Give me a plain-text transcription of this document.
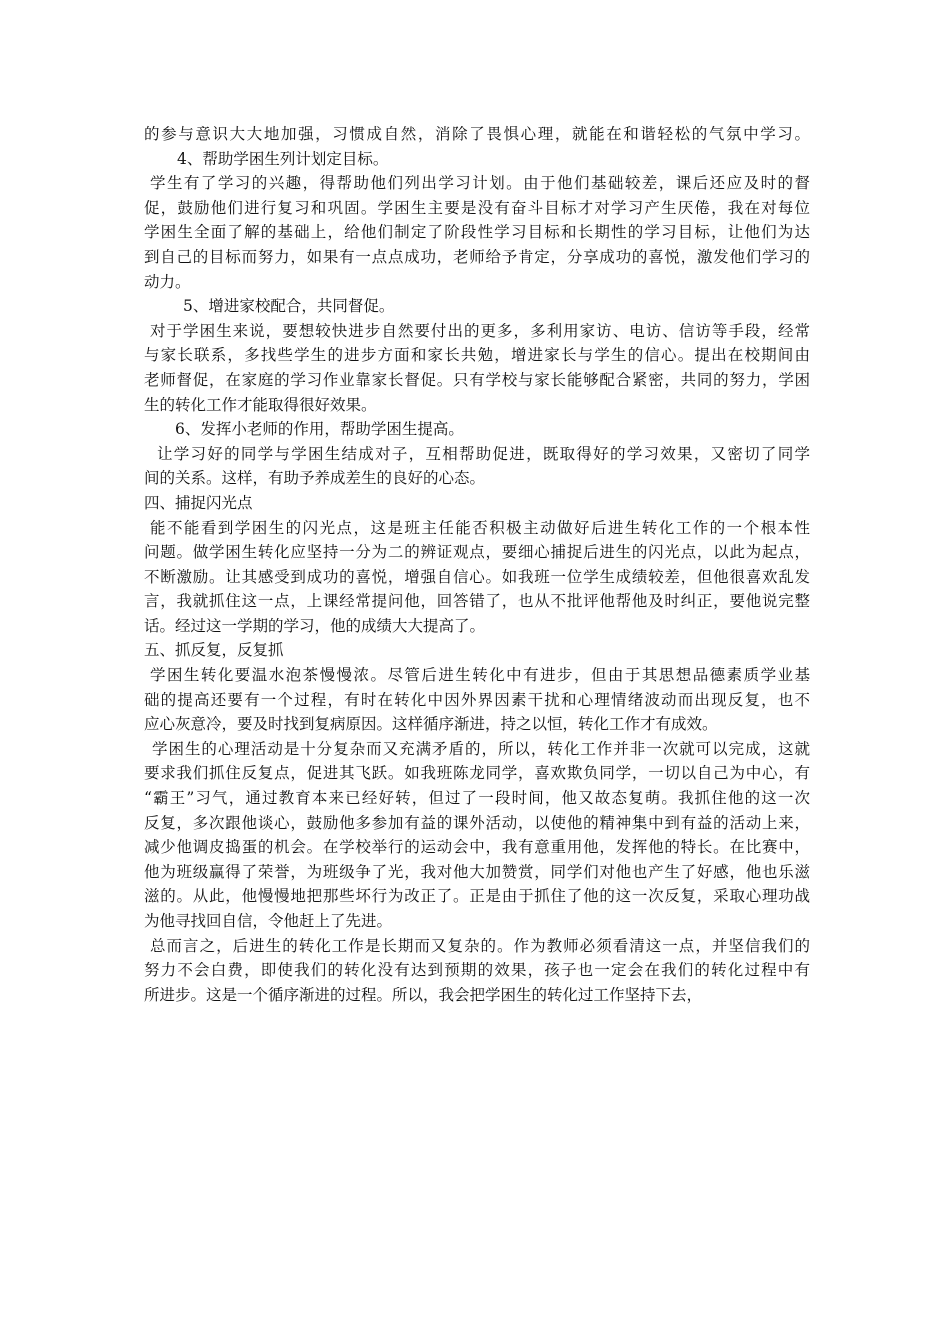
的参与意识大大地加强，习惯成自然，消除了畏惧心理，就能在和谐轻松的气氛中学习。
4、帮助学困生列计划定目标。
学生有了学习的兴趣，得帮助他们列出学习计划。由于他们基础较差，课后还应及时的督
促，鼓励他们进行复习和巩固。学困生主要是没有奋斗目标才对学习产生厌倦，我在对每位
学困生全面了解的基础上，给他们制定了阶段性学习目标和长期性的学习目标，让他们为达
到自己的目标而努力，如果有一点点成功，老师给予肯定，分享成功的喜悦，激发他们学习的
动力。
5、增进家校配合，共同督促。
对于学困生来说，要想较快进步自然要付出的更多，多利用家访、电访、信访等手段，经常
与家长联系，多找些学生的进步方面和家长共勉，增进家长与学生的信心。提出在校期间由
老师督促，在家庭的学习作业靠家长督促。只有学校与家长能够配合紧密，共同的努力，学困
生的转化工作才能取得很好效果。
6、发挥小老师的作用，帮助学困生提高。
让学习好的同学与学困生结成对子，互相帮助促进，既取得好的学习效果，又密切了同学
间的关系。这样，有助予养成差生的良好的心态。
四、捕捉闪光点
能不能看到学困生的闪光点，这是班主任能否积极主动做好后进生转化工作的一个根本性
问题。做学困生转化应坚持一分为二的辨证观点，要细心捕捉后进生的闪光点，以此为起点，
不断激励。让其感受到成功的喜悦，增强自信心。如我班一位学生成绩较差，但他很喜欢乱发
言，我就抓住这一点，上课经常提问他，回答错了，也从不批评他帮他及时纠正，要他说完整
话。经过这一学期的学习，他的成绩大大提高了。
五、抓反复，反复抓
学困生转化要温水泡茶慢慢浓。尽管后进生转化中有进步，但由于其思想品德素质学业基
础的提高还要有一个过程，有时在转化中因外界因素干扰和心理情绪波动而出现反复，也不
应心灰意冷，要及时找到复病原因。这样循序渐进，持之以恒，转化工作才有成效。
学困生的心理活动是十分复杂而又充满矛盾的，所以，转化工作并非一次就可以完成，这就
要求我们抓住反复点，促进其飞跃。如我班陈龙同学，喜欢欺负同学，一切以自己为中心，有
“霸王”习气，通过教育本来已经好转，但过了一段时间，他又故态复萌。我抓住他的这一次
反复，多次跟他谈心，鼓励他多参加有益的课外活动，以使他的精神集中到有益的活动上来，
减少他调皮捣蛋的机会。在学校举行的运动会中，我有意重用他，发挥他的特长。在比赛中，
他为班级赢得了荣誉，为班级争了光，我对他大加赞赏，同学们对他也产生了好感，他也乐滋
滋的。从此，他慢慢地把那些坏行为改正了。正是由于抓住了他的这一次反复，采取心理功战
为他寻找回自信，令他赶上了先进。
总而言之，后进生的转化工作是长期而又复杂的。作为教师必须看清这一点，并坚信我们的
努力不会白费，即使我们的转化没有达到预期的效果，孩子也一定会在我们的转化过程中有
所进步。这是一个循序渐进的过程。所以，我会把学困生的转化过工作坚持下去，
